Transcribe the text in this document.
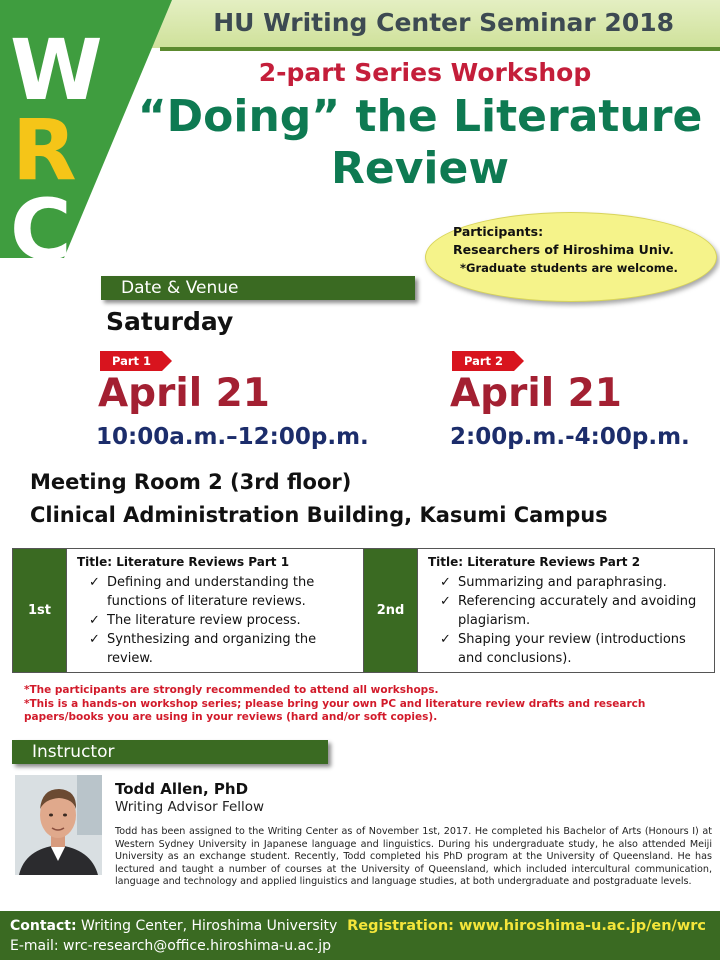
HU Writing Center Seminar 2018
W
R
C
2-part Series Workshop
“Doing” the Literature
Review
Participants:
Researchers of Hiroshima Univ.
*Graduate students are welcome.
Date & Venue
Saturday
Part 1	Part 2
April 21	April 21
10:00a.m.–12:00p.m.	2:00p.m.-4:00p.m.
Meeting Room 2 (3rd floor)
Clinical Administration Building, Kasumi Campus
1st	
Title: Literature Reviews Part 1
✓ Defining and understanding the functions of literature reviews.
✓ The literature review process.
✓ Synthesizing and organizing the review.
	2nd	
Title: Literature Reviews Part 2
✓ Summarizing and paraphrasing.
✓ Referencing accurately and avoiding plagiarism.
✓ Shaping your review (introductions and conclusions).
*The participants are strongly recommended to attend all workshops.
*This is a hands-on workshop series; please bring your own PC and literature review drafts and research papers/books you are using in your reviews (hard and/or soft copies).
Instructor
Todd Allen, PhD
Writing Advisor Fellow
Todd has been assigned to the Writing Center as of November 1st, 2017. He completed his Bachelor of Arts (Honours I) at Western Sydney University in Japanese language and linguistics. During his undergraduate study, he also attended Meiji University as an exchange student. Recently, Todd completed his PhD program at the University of Queensland. He has lectured and taught a number of courses at the University of Queensland, which included intercultural communication, language and technology and applied linguistics and language studies, at both undergraduate and postgraduate levels.
Contact: Writing Center, Hiroshima University Registration: www.hiroshima-u.ac.jp/en/wrc
E-mail: wrc-research@office.hiroshima-u.ac.jp
